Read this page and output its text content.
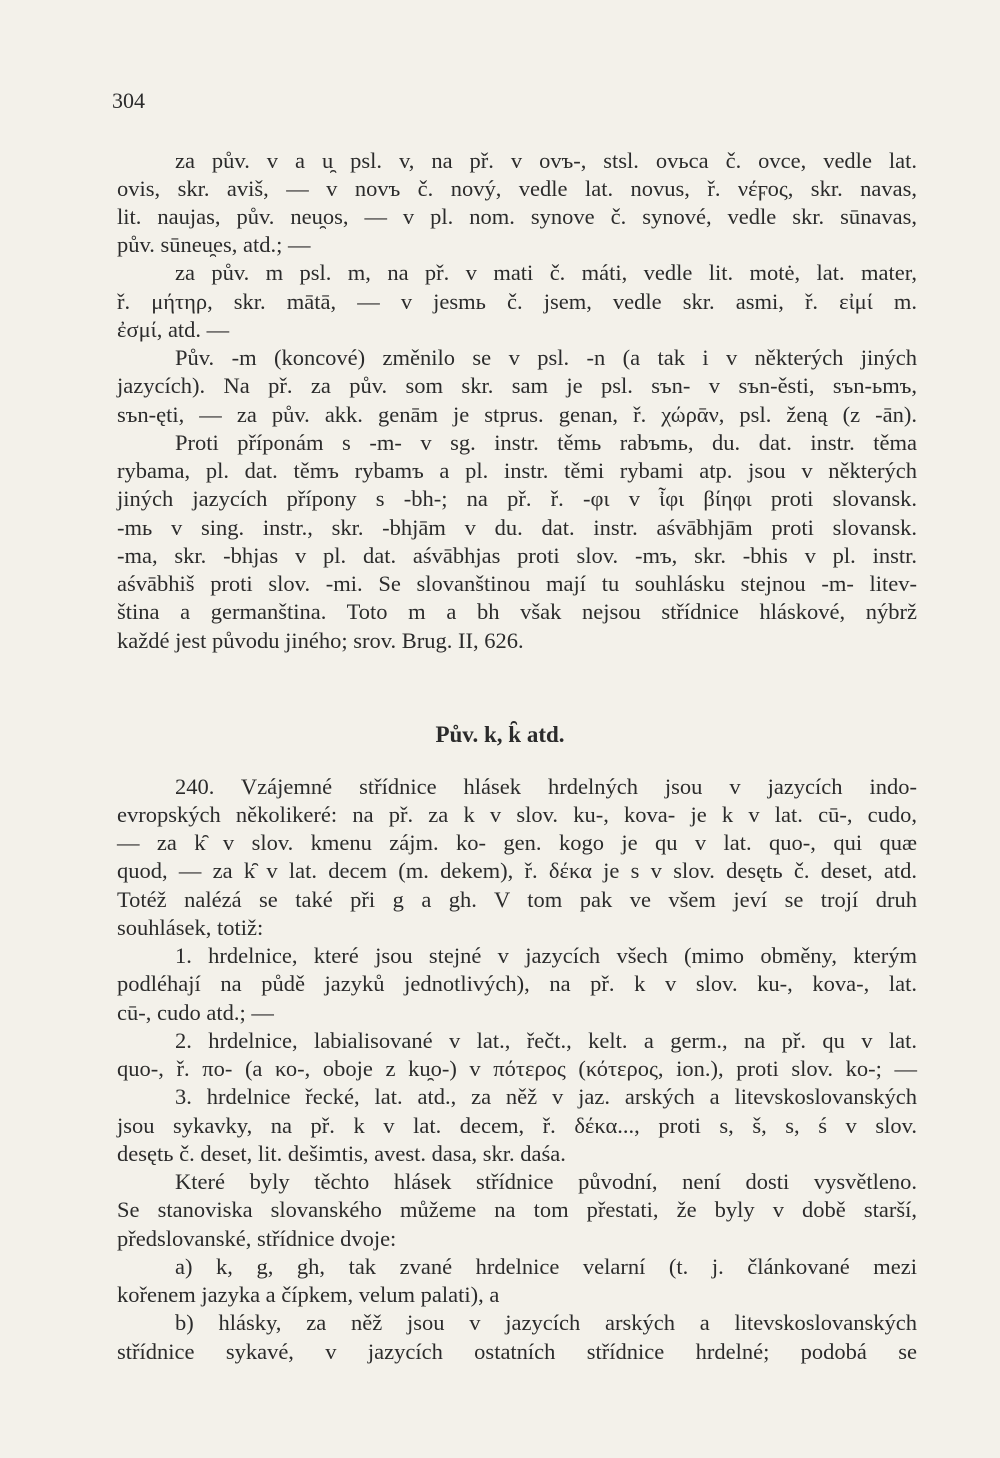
304
za pův. v a u̯ psl. v, na př. v ovъ-, stsl. ovьca č. ovce, vedle lat.
ovis, skr. aviš, — v novъ č. nový, vedle lat. novus, ř. νέϝος, skr. navas,
lit. naujas, pův. neu̯os, — v pl. nom. synove č. synové, vedle skr. sūnavas,
pův. sūneu̯es, atd.; —
za pův. m psl. m, na př. v mati č. máti, vedle lit. motė, lat. mater,
ř. μήτηρ, skr. mātā, — v jesmь č. jsem, vedle skr. asmi, ř. εἰμί m.
ἐσμί, atd. —
Pův. -m (koncové) změnilo se v psl. -n (a tak i v některých jiných
jazycích). Na př. za pův. som skr. sam je psl. sъn- v sъn-ěsti, sъn-ьmъ,
sъn-ęti, — za pův. akk. genām je stprus. genan, ř. χώρᾱν, psl. ženą (z -ān).
Proti příponám s -m- v sg. instr. těmь rabъmь, du. dat. instr. těma
rybama, pl. dat. těmъ rybamъ a pl. instr. těmi rybami atp. jsou v některých
jiných jazycích přípony s -bh-; na př. ř. -φι v ἶφι βίηφι proti slovansk.
-mь v sing. instr., skr. -bhjām v du. dat. instr. aśvābhjām proti slovansk.
-ma, skr. -bhjas v pl. dat. aśvābhjas proti slov. -mъ, skr. -bhis v pl. instr.
aśvābhiš proti slov. -mi. Se slovanštinou mají tu souhlásku stejnou -m- litev-
ština a germanština. Toto m a bh však nejsou střídnice hláskové, nýbrž
každé jest původu jiného; srov. Brug. II, 626.
Pův. k, k̑ atd.
240. Vzájemné střídnice hlásek hrdelných jsou v jazycích indo-
evropských několikeré: na př. za k v slov. ku-, kova- je k v lat. cū-, cudo,
— za k̑ v slov. kmenu zájm. ko- gen. kogo je qu v lat. quo-, qui quæ
quod, — za k̑ v lat. decem (m. dekem), ř. δέκα je s v slov. desętь č. deset, atd.
Totéž nalézá se také při g a gh. V tom pak ve všem jeví se trojí druh
souhlásek, totiž:
1. hrdelnice, které jsou stejné v jazycích všech (mimo obměny, kterým
podléhají na půdě jazyků jednotlivých), na př. k v slov. ku-, kova-, lat.
cū-, cudo atd.; —
2. hrdelnice, labialisované v lat., řečt., kelt. a germ., na př. qu v lat.
quo-, ř. πο- (a κο-, oboje z ku̯o-) v πότερος (κότερος, ion.), proti slov. ko-; —
3. hrdelnice řecké, lat. atd., za něž v jaz. arských a litevskoslovanských
jsou sykavky, na př. k v lat. decem, ř. δέκα..., proti s, š, s, ś v slov.
desętь č. deset, lit. dešimtis, avest. dasa, skr. daśa.
Které byly těchto hlásek střídnice původní, není dosti vysvětleno.
Se stanoviska slovanského můžeme na tom přestati, že byly v době starší,
předslovanské, střídnice dvoje:
a) k, g, gh, tak zvané hrdelnice velarní (t. j. článkované mezi
kořenem jazyka a čípkem, velum palati), a
b) hlásky, za něž jsou v jazycích arských a litevskoslovanských
střídnice sykavé, v jazycích ostatních střídnice hrdelné; podobá se
